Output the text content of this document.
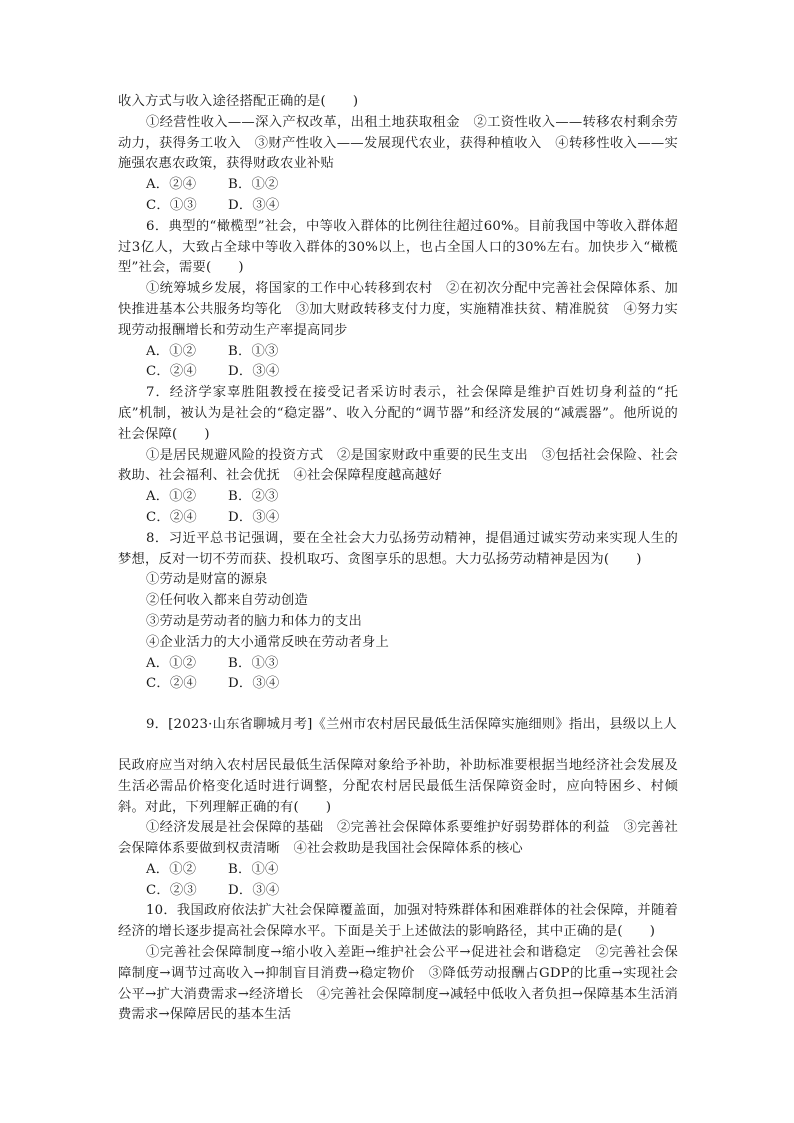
收入方式与收入途径搭配正确的是(　　)

①经营性收入——深入产权改革，出租土地获取租金　②工资性收入——转移农村剩余劳动力，获得务工收入　③财产性收入——发展现代农业，获得种植收入　④转移性收入——实施强农惠农政策，获得财政农业补贴

A．②④ B．①②
C．①③ D．③④

6．典型的“橄榄型”社会，中等收入群体的比例往往超过60%。目前我国中等收入群体超过3亿人，大致占全球中等收入群体的30%以上，也占全国人口的30%左右。加快步入“橄榄型”社会，需要(　　)

①统筹城乡发展，将国家的工作中心转移到农村　②在初次分配中完善社会保障体系、加快推进基本公共服务均等化　③加大财政转移支付力度，实施精准扶贫、精准脱贫　④努力实现劳动报酬增长和劳动生产率提高同步

A．①② B．①③
C．②④ D．③④

7．经济学家辜胜阻教授在接受记者采访时表示，社会保障是维护百姓切身利益的“托底”机制，被认为是社会的“稳定器”、收入分配的“调节器”和经济发展的“减震器”。他所说的社会保障(　　)

①是居民规避风险的投资方式　②是国家财政中重要的民生支出　③包括社会保险、社会救助、社会福利、社会优抚　④社会保障程度越高越好

A．①② B．②③
C．②④ D．③④

8．习近平总书记强调，要在全社会大力弘扬劳动精神，提倡通过诚实劳动来实现人生的梦想，反对一切不劳而获、投机取巧、贪图享乐的思想。大力弘扬劳动精神是因为(　　)

①劳动是财富的源泉

②任何收入都来自劳动创造

③劳动是劳动者的脑力和体力的支出

④企业活力的大小通常反映在劳动者身上

A．①② B．①③
C．②④ D．③④

9．[2023·山东省聊城月考]《兰州市农村居民最低生活保障实施细则》指出，县级以上人

民政府应当对纳入农村居民最低生活保障对象给予补助，补助标准要根据当地经济社会发展及生活必需品价格变化适时进行调整，分配农村居民最低生活保障资金时，应向特困乡、村倾斜。对此，下列理解正确的有(　　)

①经济发展是社会保障的基础　②完善社会保障体系要维护好弱势群体的利益　③完善社会保障体系要做到权责清晰　④社会救助是我国社会保障体系的核心

A．①② B．①④
C．②③ D．③④

10．我国政府依法扩大社会保障覆盖面，加强对特殊群体和困难群体的社会保障，并随着经济的增长逐步提高社会保障水平。下面是关于上述做法的影响路径，其中正确的是(　　)

①完善社会保障制度→缩小收入差距→维护社会公平→促进社会和谐稳定　②完善社会保障制度→调节过高收入→抑制盲目消费→稳定物价　③降低劳动报酬占GDP的比重→实现社会公平→扩大消费需求→经济增长　④完善社会保障制度→减轻中低收入者负担→保障基本生活消费需求→保障居民的基本生活
